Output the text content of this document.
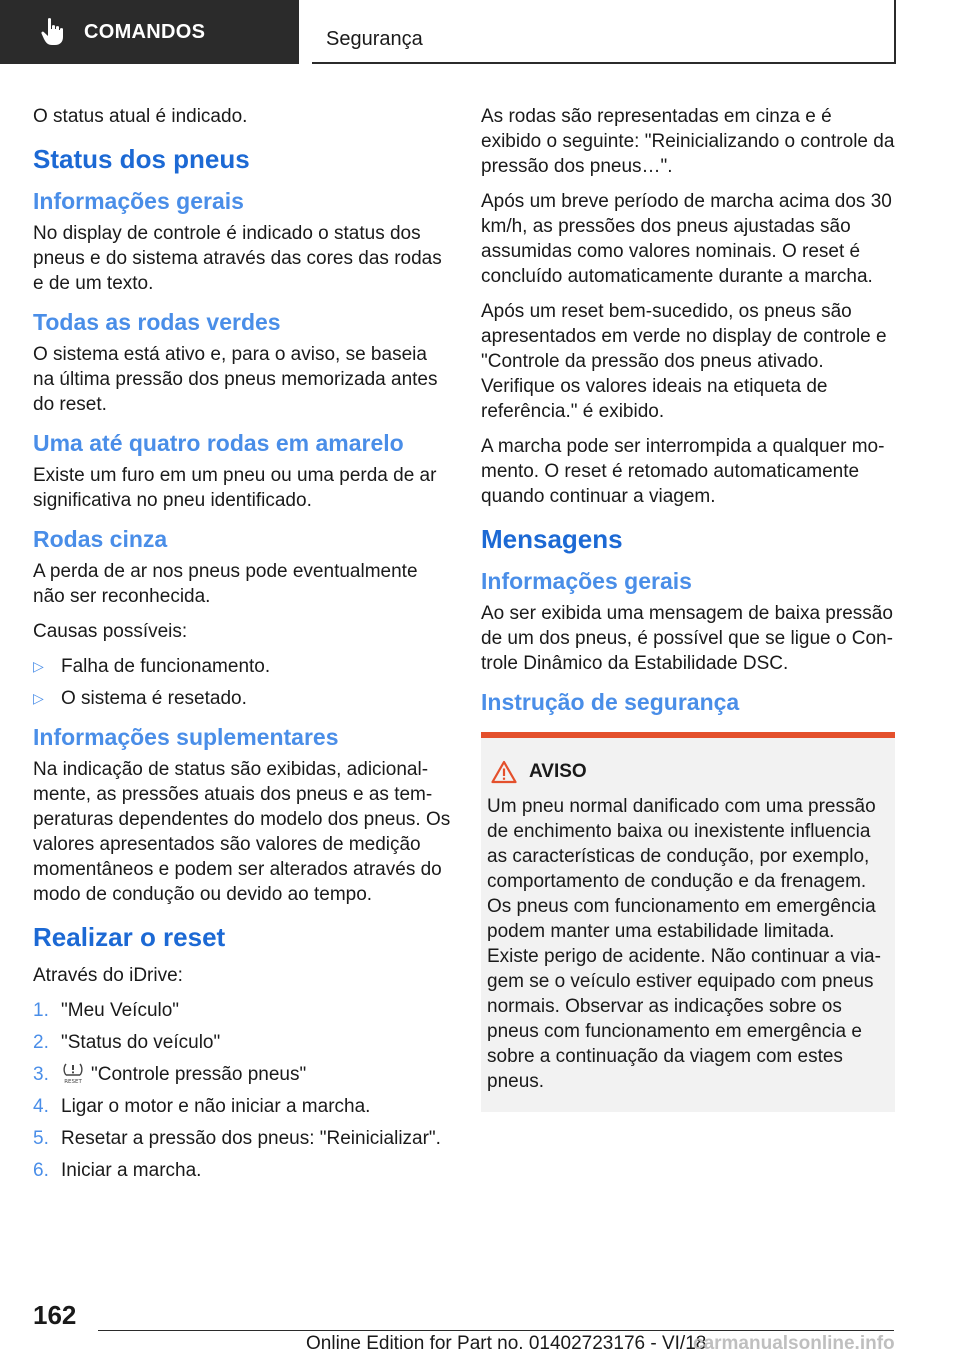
COMANDOS	Segurança

O status atual é indicado.

Status dos pneus
Informações gerais

No display de controle é indicado o status dos pneus e do sistema através das cores das rodas e de um texto.

Todas as rodas verdes

O sistema está ativo e, para o aviso, se baseia na última pressão dos pneus memorizada antes do reset.

Uma até quatro rodas em amarelo

Existe um furo em um pneu ou uma perda de ar significativa no pneu identificado.

Rodas cinza

A perda de ar nos pneus pode eventualmente não ser reconhecida.

Causas possíveis:

▷ Falha de funcionamento.
▷ O sistema é resetado.
Informações suplementares

Na indicação de status são exibidas, adicionalmente, as pressões atuais dos pneus e as temperaturas dependentes do modelo dos pneus. Os valores apresentados são valores de medição momentâneos e podem ser alterados através do modo de condução ou devido ao tempo.

Realizar o reset

Através do iDrive:

1. "Meu Veículo"
2. "Status do veículo"
3.	RESET "Controle pressão pneus"
4. Ligar o motor e não iniciar a marcha.
5. Resetar a pressão dos pneus: "Reinicializar".
6. Iniciar a marcha.

As rodas são representadas em cinza e é exibido o seguinte: "Reinicializando o controle da pressão dos pneus…".

Após um breve período de marcha acima dos 30 km/h, as pressões dos pneus ajustadas são assumidas como valores nominais. O reset é concluído automaticamente durante a marcha.

Após um reset bem-sucedido, os pneus são apresentados em verde no display de controle e "Controle da pressão dos pneus ativado. Verifique os valores ideais na etiqueta de referência." é exibido.

A marcha pode ser interrompida a qualquer momento. O reset é retomado automaticamente quando continuar a viagem.

Mensagens
Informações gerais

Ao ser exibida uma mensagem de baixa pressão de um dos pneus, é possível que se ligue o Controle Dinâmico da Estabilidade DSC.

Instrução de segurança
AVISO

Um pneu normal danificado com uma pressão de enchimento baixa ou inexistente influencia as características de condução, por exemplo, comportamento de condução e da frenagem. Os pneus com funcionamento em emergência podem manter uma estabilidade limitada. Existe perigo de acidente. Não continuar a viagem se o veículo estiver equipado com pneus normais. Observar as indicações sobre os pneus com funcionamento em emergência e sobre a continuação da viagem com estes pneus.

162
Online Edition for Part no. 01402723176 - VI/18
carmanualsonline.info
